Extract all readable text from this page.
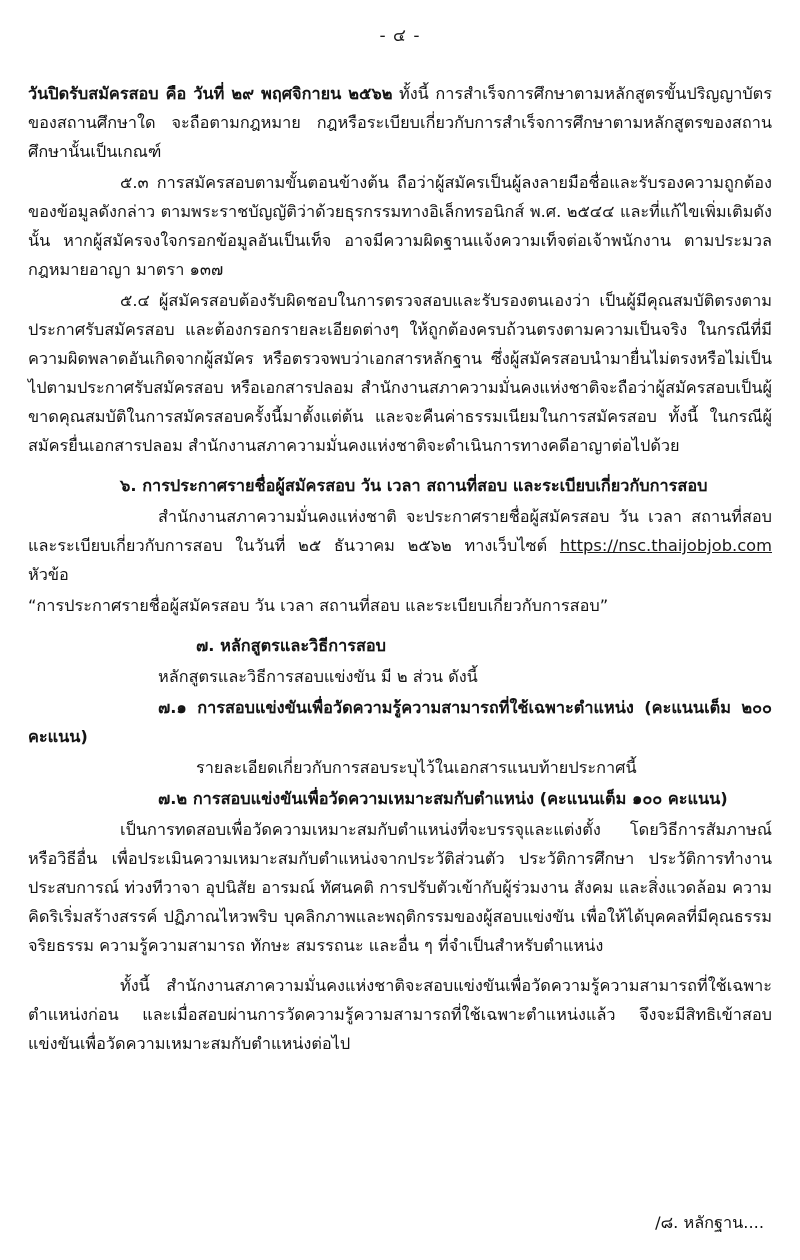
- ๔ -

วันปิดรับสมัครสอบ คือ วันที่ ๒๙ พฤศจิกายน ๒๕๖๒ ทั้งนี้ การสำเร็จการศึกษาตามหลักสูตรขั้นปริญญาบัตรของสถานศึกษาใด จะถือตามกฎหมาย กฎหรือระเบียบเกี่ยวกับการสำเร็จการศึกษาตามหลักสูตรของสถานศึกษานั้นเป็นเกณฑ์

๕.๓ การสมัครสอบตามขั้นตอนข้างต้น ถือว่าผู้สมัครเป็นผู้ลงลายมือชื่อและรับรองความถูกต้องของข้อมูลดังกล่าว ตามพระราชบัญญัติว่าด้วยธุรกรรมทางอิเล็กทรอนิกส์ พ.ศ. ๒๕๔๔ และที่แก้ไขเพิ่มเติมดังนั้น หากผู้สมัครจงใจกรอกข้อมูลอันเป็นเท็จ อาจมีความผิดฐานแจ้งความเท็จต่อเจ้าพนักงาน ตามประมวลกฎหมายอาญา มาตรา ๑๓๗

๕.๔ ผู้สมัครสอบต้องรับผิดชอบในการตรวจสอบและรับรองตนเองว่า เป็นผู้มีคุณสมบัติตรงตามประกาศรับสมัครสอบ และต้องกรอกรายละเอียดต่างๆ ให้ถูกต้องครบถ้วนตรงตามความเป็นจริง ในกรณีที่มีความผิดพลาดอันเกิดจากผู้สมัคร หรือตรวจพบว่าเอกสารหลักฐาน ซึ่งผู้สมัครสอบนำมายื่นไม่ตรงหรือไม่เป็นไปตามประกาศรับสมัครสอบ หรือเอกสารปลอม สำนักงานสภาความมั่นคงแห่งชาติจะถือว่าผู้สมัครสอบเป็นผู้ขาดคุณสมบัติในการสมัครสอบครั้งนี้มาตั้งแต่ต้น และจะคืนค่าธรรมเนียมในการสมัครสอบ ทั้งนี้ ในกรณีผู้สมัครยื่นเอกสารปลอม สำนักงานสภาความมั่นคงแห่งชาติจะดำเนินการทางคดีอาญาต่อไปด้วย

๖. การประกาศรายชื่อผู้สมัครสอบ วัน เวลา สถานที่สอบ และระเบียบเกี่ยวกับการสอบ

สำนักงานสภาความมั่นคงแห่งชาติ จะประกาศรายชื่อผู้สมัครสอบ วัน เวลา สถานที่สอบและระเบียบเกี่ยวกับการสอบ ในวันที่ ๒๕ ธันวาคม ๒๕๖๒ ทางเว็บไซต์ https://nsc.thaijobjob.com หัวข้อ

“การประกาศรายชื่อผู้สมัครสอบ วัน เวลา สถานที่สอบ และระเบียบเกี่ยวกับการสอบ”

๗. หลักสูตรและวิธีการสอบ

หลักสูตรและวิธีการสอบแข่งขัน มี ๒ ส่วน ดังนี้

๗.๑ การสอบแข่งขันเพื่อวัดความรู้ความสามารถที่ใช้เฉพาะตำแหน่ง (คะแนนเต็ม ๒๐๐ คะแนน)

รายละเอียดเกี่ยวกับการสอบระบุไว้ในเอกสารแนบท้ายประกาศนี้

๗.๒ การสอบแข่งขันเพื่อวัดความเหมาะสมกับตำแหน่ง (คะแนนเต็ม ๑๐๐ คะแนน)

เป็นการทดสอบเพื่อวัดความเหมาะสมกับตำแหน่งที่จะบรรจุและแต่งตั้ง โดยวิธีการสัมภาษณ์หรือวิธีอื่น เพื่อประเมินความเหมาะสมกับตำแหน่งจากประวัติส่วนตัว ประวัติการศึกษา ประวัติการทำงาน ประสบการณ์ ท่วงทีวาจา อุปนิสัย อารมณ์ ทัศนคติ การปรับตัวเข้ากับผู้ร่วมงาน สังคม และสิ่งแวดล้อม ความคิดริเริ่มสร้างสรรค์ ปฏิภาณไหวพริบ บุคลิกภาพและพฤติกรรมของผู้สอบแข่งขัน เพื่อให้ได้บุคคลที่มีคุณธรรม จริยธรรม ความรู้ความสามารถ ทักษะ สมรรถนะ และอื่น ๆ ที่จำเป็นสำหรับตำแหน่ง

ทั้งนี้ สำนักงานสภาความมั่นคงแห่งชาติจะสอบแข่งขันเพื่อวัดความรู้ความสามารถที่ใช้เฉพาะตำแหน่งก่อน และเมื่อสอบผ่านการวัดความรู้ความสามารถที่ใช้เฉพาะตำแหน่งแล้ว จึงจะมีสิทธิเข้าสอบแข่งขันเพื่อวัดความเหมาะสมกับตำแหน่งต่อไป

/๘. หลักฐาน....
